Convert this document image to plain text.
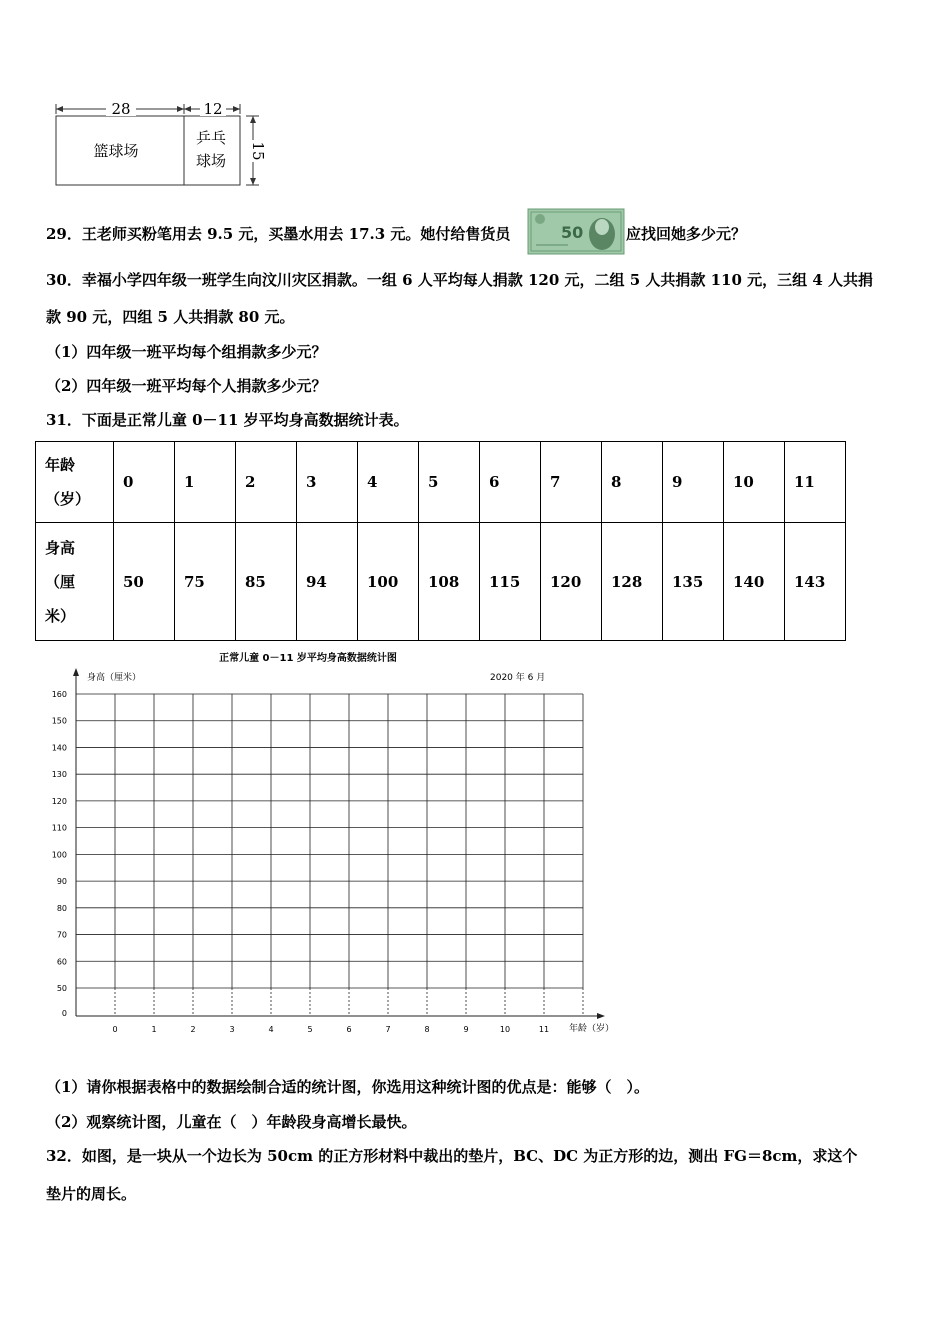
28	12
15
篮球场
乒乓
球场
29．王老师买粉笔用去 9.5 元，买墨水用去 17.3 元。她付给售货员	50	应找回她多少元？
30．幸福小学四年级一班学生向汶川灾区捐款。一组 6 人平均每人捐款 120 元，二组 5 人共捐款 110 元，三组 4 人共捐
款 90 元，四组 5 人共捐款 80 元。
（1）四年级一班平均每个组捐款多少元？
（2）四年级一班平均每个人捐款多少元？
31．下面是正常儿童 0－11 岁平均身高数据统计表。
年龄
（岁）	0	1	2	3	4	5	6	7	8	9	10	11

身高
（厘
米）	50	75	85	94	100	108	115	120	128	135	140	143
正常儿童 0－11 岁平均身高数据统计图
身高（厘米）	2020 年 6 月
年龄（岁）
160
150
140
130
120
110
100
90
80
70
60
50
0
0	1	2	3	4	5	6	7	8	9	10	11
（1）请你根据表格中的数据绘制合适的统计图，你选用这种统计图的优点是：能够（　）。
（2）观察统计图，儿童在（　）年龄段身高增长最快。
32．如图，是一块从一个边长为 50cm 的正方形材料中裁出的垫片，BC、DC 为正方形的边，测出 FG＝8cm，求这个
垫片的周长。
